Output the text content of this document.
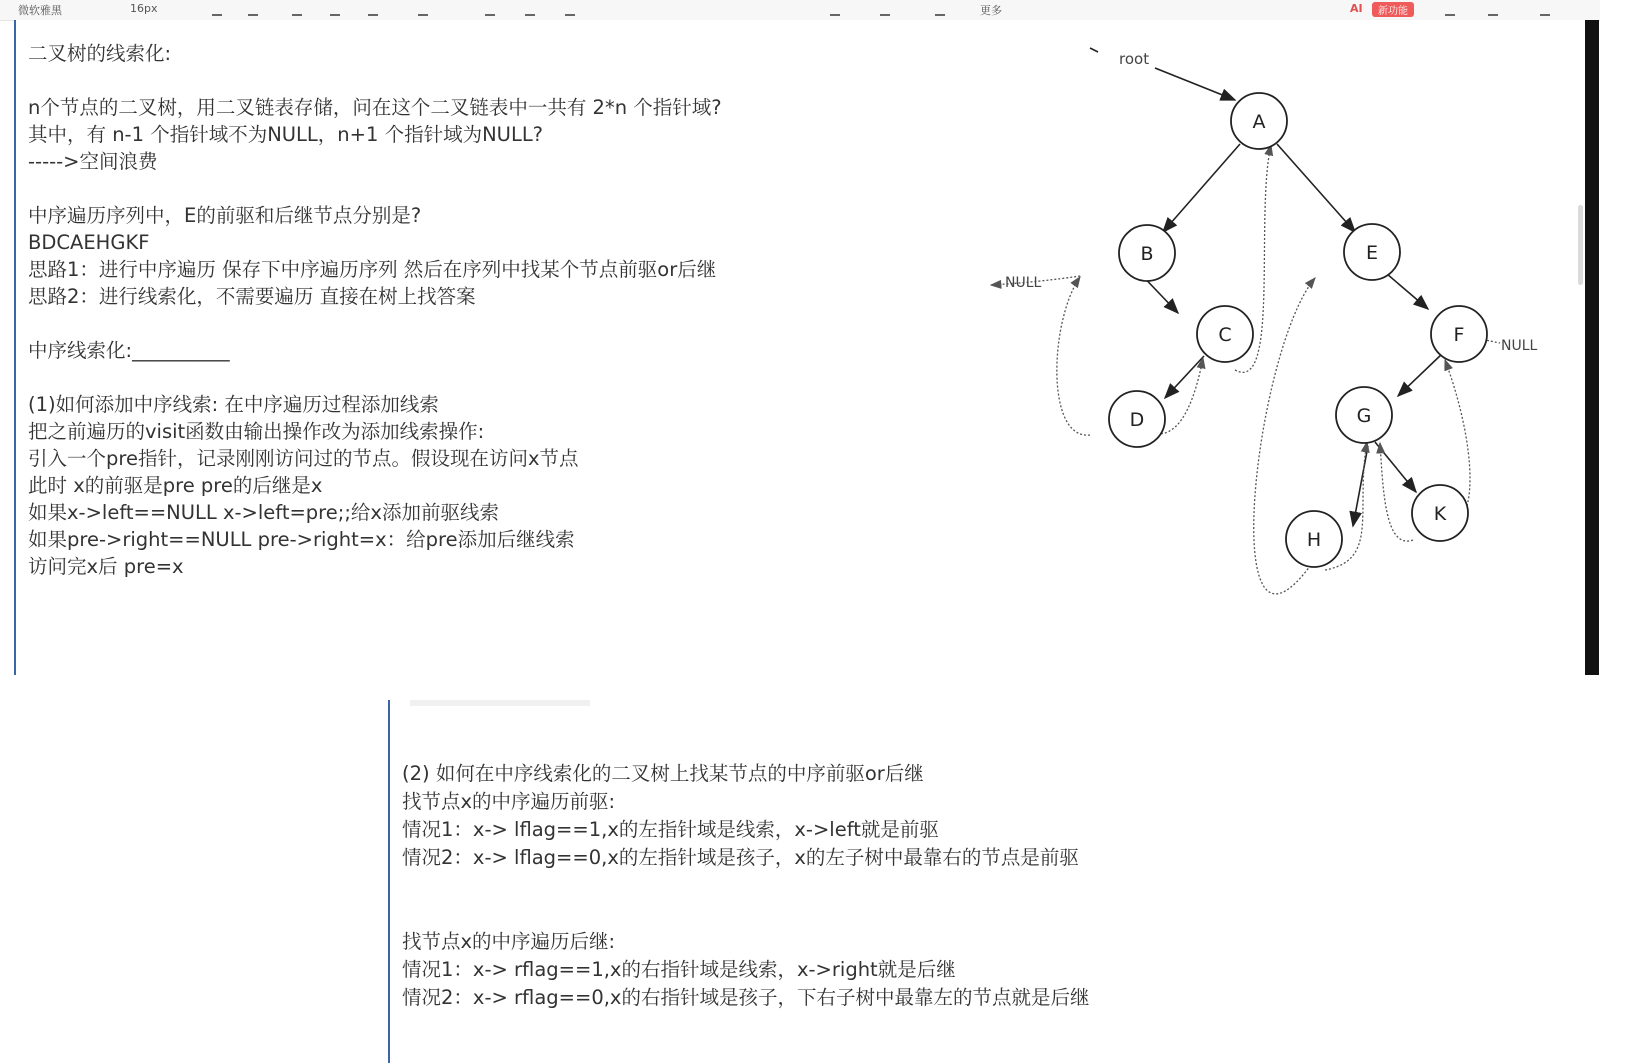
微软雅黑	16px	更多	AI	新功能
二叉树的线索化:
n个节点的二叉树，用二叉链表存储，问在这个二叉链表中一共有 2*n 个指针域?
其中，有 n-1 个指针域不为NULL，n+1 个指针域为NULL?
----->空间浪费
中序遍历序列中，E的前驱和后继节点分别是?
BDCAEHGKF
思路1：进行中序遍历 保存下中序遍历序列 然后在序列中找某个节点前驱or后继
思路2：进行线索化，不需要遍历 直接在树上找答案
中序线索化:__________
(1)如何添加中序线索: 在中序遍历过程添加线索
把之前遍历的visit函数由输出操作改为添加线索操作:
引入一个pre指针，记录刚刚访问过的节点。假设现在访问x节点
此时 x的前驱是pre pre的后继是x
如果x->left==NULL x->left=pre;;给x添加前驱线索
如果pre->right==NULL pre->right=x：给pre添加后继线索
访问完x后 pre=x
root
NULL
NULL
A
B	E
C	F
D	G
H
K
(2) 如何在中序线索化的二叉树上找某节点的中序前驱or后继
找节点x的中序遍历前驱:
情况1：x-> lflag==1,x的左指针域是线索，x->left就是前驱
情况2：x-> lflag==0,x的左指针域是孩子，x的左子树中最靠右的节点是前驱
找节点x的中序遍历后继:
情况1：x-> rflag==1,x的右指针域是线索，x->right就是后继
情况2：x-> rflag==0,x的右指针域是孩子，下右子树中最靠左的节点就是后继
